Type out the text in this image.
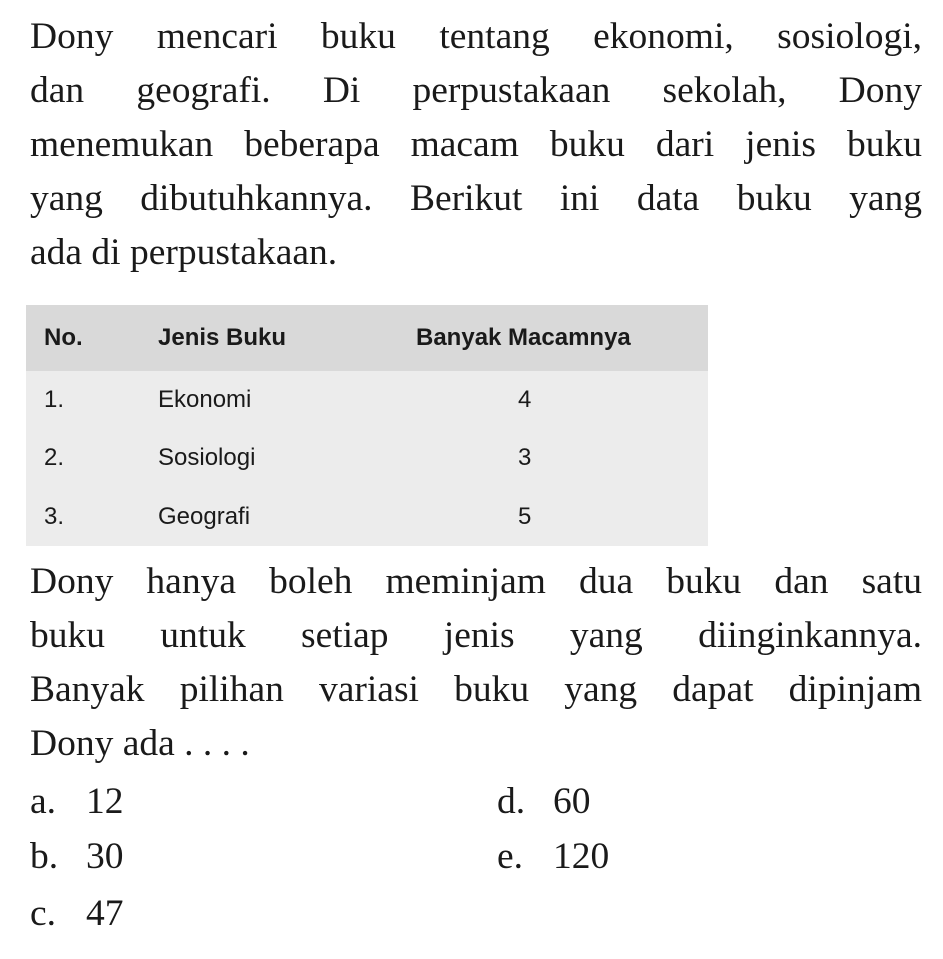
Dony mencari buku tentang ekonomi, sosiologi,
dan geografi. Di perpustakaan sekolah, Dony
menemukan beberapa macam buku dari jenis buku
yang dibutuhkannya. Berikut ini data buku yang
ada di perpustakaan.

No.	Jenis Buku	Banyak Macamnya
1.	Ekonomi	4
2.	Sosiologi	3
3.	Geografi	5

Dony hanya boleh meminjam dua buku dan satu
buku untuk setiap jenis yang diinginkannya.
Banyak pilihan variasi buku yang dapat dipinjam
Dony ada . . . .

a. 12
b. 30
c. 47
d. 60
e. 120
